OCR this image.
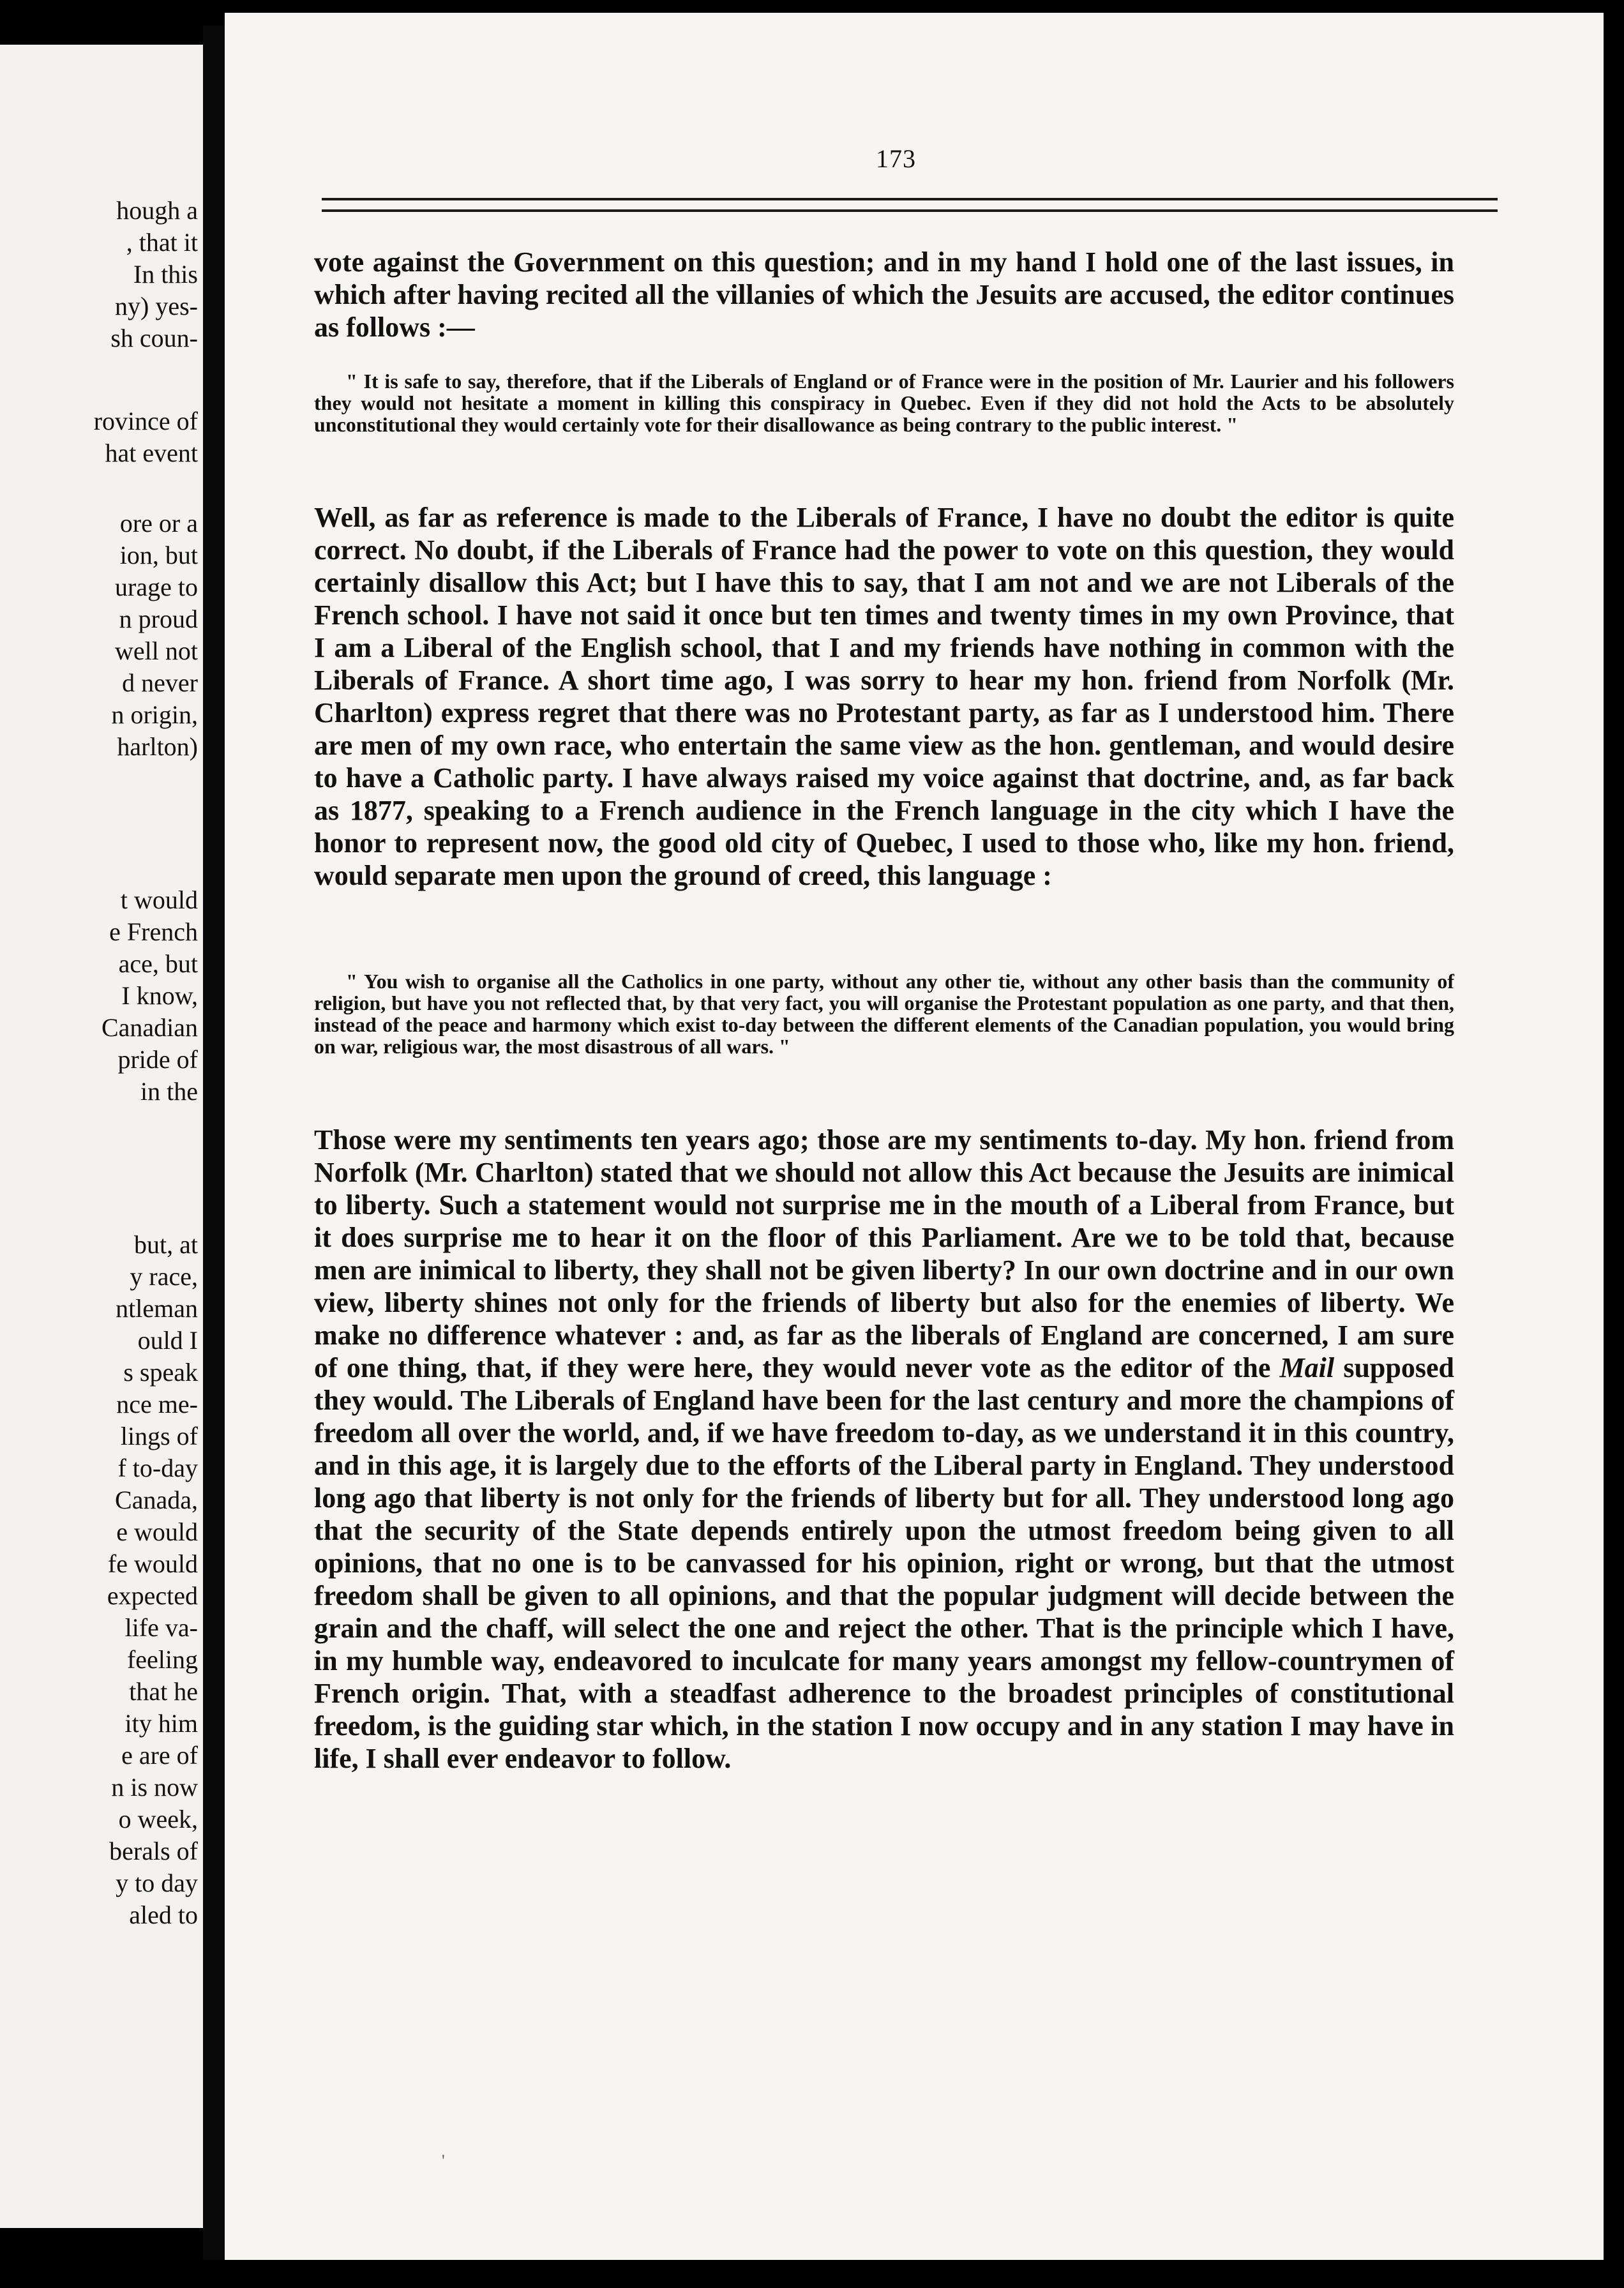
hough a
, that it
In this
ny) yes-
sh coun-
rovince of
hat event
ore or a
ion, but
urage to
n proud
well not
d never
n origin,
harlton)
t would
e French
ace, but
I know,
Canadian
pride of
in the
but, at
y race,
ntleman
ould I
s speak
nce me-
lings of
f to-day
Canada,
e would
fe would
expected
life va-
feeling
that he
ity him
e are of
n is now
o week,
berals of
y to day
aled to
173

vote against the Government on this question; and in my hand I hold one of the last issues, in which after having recited all the villanies of which the Jesuits are accused, the editor continues as follows :—

" It is safe to say, therefore, that if the Liberals of England or of France were in the position of Mr. Laurier and his followers they would not hesitate a moment in killing this conspiracy in Quebec. Even if they did not hold the Acts to be absolutely unconstitutional they would certainly vote for their disallowance as being contrary to the public interest. "

Well, as far as reference is made to the Liberals of France, I have no doubt the editor is quite correct. No doubt, if the Liberals of France had the power to vote on this question, they would certainly disallow this Act; but I have this to say, that I am not and we are not Liberals of the French school. I have not said it once but ten times and twenty times in my own Province, that I am a Liberal of the English school, that I and my friends have nothing in common with the Liberals of France. A short time ago, I was sorry to hear my hon. friend from Norfolk (Mr. Charlton) express regret that there was no Protestant party, as far as I understood him. There are men of my own race, who entertain the same view as the hon. gentleman, and would desire to have a Catholic party. I have always raised my voice against that doctrine, and, as far back as 1877, speaking to a French audience in the French language in the city which I have the honor to represent now, the good old city of Quebec, I used to those who, like my hon. friend, would separate men upon the ground of creed, this language :

" You wish to organise all the Catholics in one party, without any other tie, without any other basis than the community of religion, but have you not reflected that, by that very fact, you will organise the Protestant population as one party, and that then, instead of the peace and harmony which exist to-day between the different elements of the Canadian population, you would bring on war, religious war, the most disastrous of all wars. "

Those were my sentiments ten years ago; those are my sentiments to-day. My hon. friend from Norfolk (Mr. Charlton) stated that we should not allow this Act because the Jesuits are inimical to liberty. Such a statement would not surprise me in the mouth of a Liberal from France, but it does surprise me to hear it on the floor of this Parliament. Are we to be told that, because men are inimical to liberty, they shall not be given liberty? In our own doctrine and in our own view, liberty shines not only for the friends of liberty but also for the enemies of liberty. We make no difference whatever : and, as far as the liberals of England are concerned, I am sure of one thing, that, if they were here, they would never vote as the editor of the Mail supposed they would. The Liberals of England have been for the last century and more the champions of freedom all over the world, and, if we have freedom to-day, as we understand it in this country, and in this age, it is largely due to the efforts of the Liberal party in England. They understood long ago that liberty is not only for the friends of liberty but for all. They understood long ago that the security of the State depends entirely upon the utmost freedom being given to all opinions, that no one is to be canvassed for his opinion, right or wrong, but that the utmost freedom shall be given to all opinions, and that the popular judgment will decide between the grain and the chaff, will select the one and reject the other. That is the principle which I have, in my humble way, endeavored to inculcate for many years amongst my fellow-countrymen of French origin. That, with a steadfast adherence to the broadest principles of constitutional freedom, is the guiding star which, in the station I now occupy and in any station I may have in life, I shall ever endeavor to follow.

'
